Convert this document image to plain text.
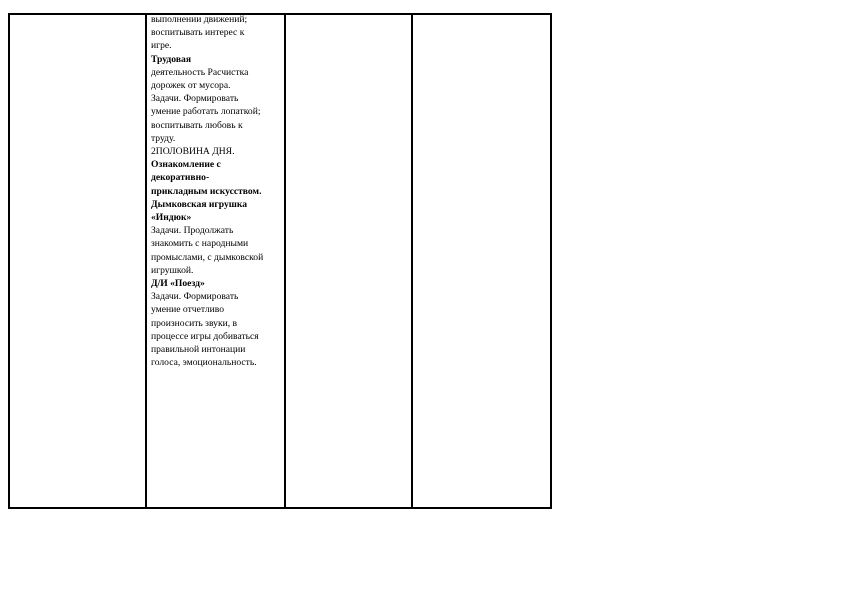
выполнении движений;
воспитывать интерес к
игре.
Трудовая
деятельность Расчистка
дорожек от мусора.
Задачи. Формировать
умение работать лопаткой;
воспитывать любовь к
труду.
2ПОЛОВИНА ДНЯ.
Ознакомление с
декоративно-
прикладным искусством.
Дымковская игрушка
«Индюк»
Задачи. Продолжать
знакомить с народными
промыслами, с дымковской
игрушкой.
Д/И «Поезд»
Задачи. Формировать
умение отчетливо
произносить звуки, в
процессе игры добиваться
правильной интонации
голоса, эмоциональность.
